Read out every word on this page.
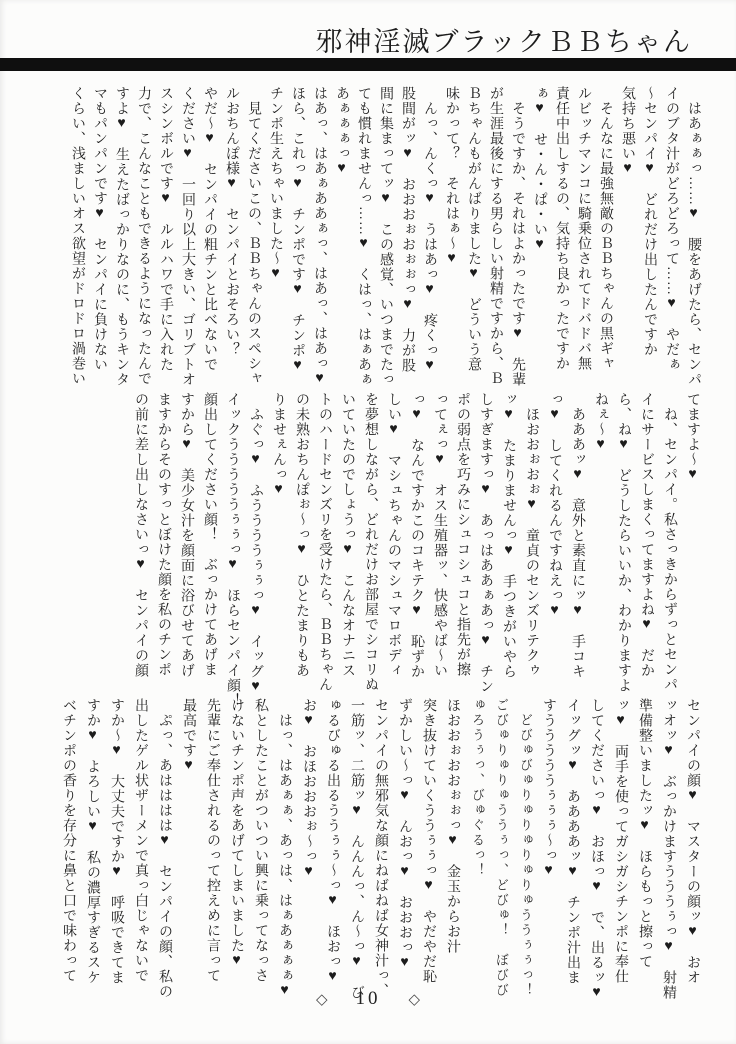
邪神淫滅ブラックＢＢちゃん
　はあぁぁっ……♥　腰をあげたら、センパ
イのブタ汁がどろどろって……♥　やだぁ
～センパイ♥　どれだけ出したんですか
気持ち悪い♥
　そんなに最強無敵のＢＢちゃんの黒ギャ
ルビッチマンコに騎乗位されてドバドバ無
責任中出しするの、気持ち良かったですか
ぁ♥　せ・ん・ぱ・い♥
　そうですか、それはよかったです♥　先輩
が生涯最後にする男らしい射精ですから、Ｂ
Ｂちゃんもがんばりました♥　どういう意
味かって？　それはぁ～♥
　んっ、んくっ♥　うはあっ♥　疼くっ♥
股間がッ♥　おおおぉおぉぉっ♥　力が股
間に集まってッ♥　この感覚、いつまでたっ
ても慣れませんっ……♥　くはっ、はぁあぁ
あぁぁぁっ♥
はあっ、はあぁああぁっ、はあっ、はあっ♥
ほら、これっ♥　チンポです♥　チンポ♥
チンポ生えちゃいました～♥
　見てくださいこの、ＢＢちゃんのスペシャ
ルおちんぽ様♥　センパイとおそろい？
やだ～♥　センパイの粗チンと比べないで
ください♥　一回り以上大きい、ゴリブトオ
スシンボルです♥　ルルハワで手に入れた
力で、こんなこともできるようになったんで
すよ♥　生えたばっかりなのに、もうキンタ
マもパンパンです♥　センパイに負けない
くらい、浅ましいオス欲望がドロドロ渦巻い
てますよ～♥
　ね、センパイ。私さっきからずっとセンパ
イにサービスしまくってますよね♥　だか
ら、ね♥　どうしたらいいか、わかりますよ
ねぇ～♥
　あああッ♥　意外と素直にッ♥　手コキ
っ♥　してくれるんですねえっ♥
　ほおおぉおぉ♥　童貞のセンズリテクゥ
ッ♥　たまりませんっ♥　手つきがいやら
しすぎますっ♥　あっはああぁあっ♥　チン
ポの弱点を巧みにシュコシュコと指先が擦
ってぇっ♥　オス生殖器ッ、快感やば～い
っ♥　なんですかこのコキテク♥　恥ずか
しい♥　マシュちゃんのマシュマロボディ
を夢想しながら、どれだけお部屋でシコリぬ
いていたのでしょうっ♥　こんなオナニス
トのハードセンズリを受けたら、ＢＢちゃん
の未熟おちんぽぉ～っ♥　ひとたまりもあ
りませぇんっ♥
　ふぐっ♥　ふううううぅぅっ♥　イッグ♥
イックうううううぅぅっ♥　ほらセンパイ顔！
顔出してください顔！　ぶっかけてあげま
すから♥　美少女汁を顔面に浴びせてあげ
ますからそのすっとぼけた顔を私のチンポ
の前に差し出しなさいっ♥　センパイの顔
センパイの顔♥　マスターの顔ッ♥　おオ
ッオッ♥　ぶっかけますうううぅっ♥　射精
準備整いましたッ♥　ほらもっと擦って
ッ♥　両手を使ってガシガシチンポに奉仕
してくださいっ♥　おほっ♥　で、出るッ♥
イッグッ♥　ああああッ♥　チンポ汁出ま
すうううううぅぅぅ～っ♥
　どびゅびゅりゅりゅりゅりゅううぅぅっ！
ごびゅりゅりゅううぅっ、どびゅ！　ぼびび
ゅろうぅっ、びゅぐるっ！
ほおおぉおおぉぉっ♥　金玉からお汁
突き抜けていくううぅぅっ♥　やだやだ恥
ずかしい～っ♥　んおっ♥　おおおっ♥
センパイの無邪気な顔にねばねば女神汁っ、
一筋ッ、二筋ッ♥　んんんっ、ん～っ♥　び
ゅるびゅる出るううぅぅ～っ♥　ほおっ♥
お♥　おほおおおぉ～っ♥
　はっ、はあぁぁ、あっは、はぁあぁぁぁ♥
私としたことがついつい興に乗ってなっさ
けないチンポ声をあげてしまいました♥
先輩にご奉仕されるのって控えめに言って
最高です♥
　ぷっ、あはははは♥　センパイの顔、私の
出したゲル状ザーメンで真っ白じゃないで
すか～♥　大丈夫ですか♥　呼吸できてま
すか♥　よろしい♥　私の濃厚すぎるスケ
ベチンポの香りを存分に鼻と口で味わって
◇ 10 ◇
